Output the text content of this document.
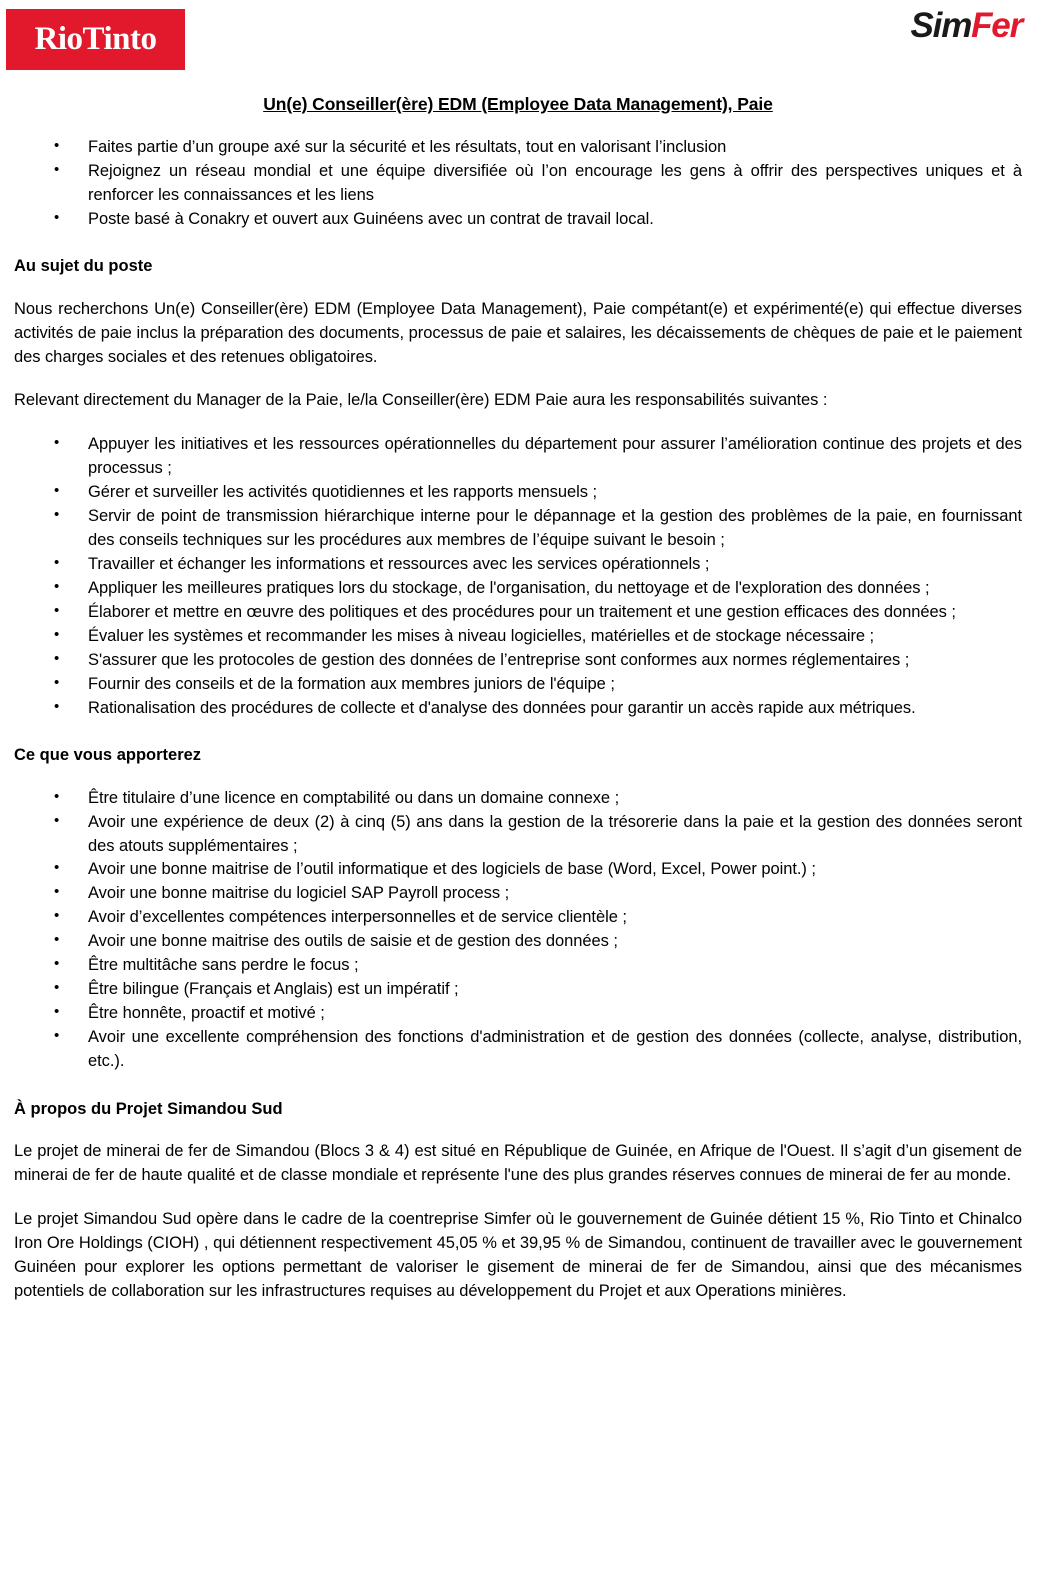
RioTinto	SimFer
Un(e) Conseiller(ère) EDM (Employee Data Management), Paie
• Faites partie d’un groupe axé sur la sécurité et les résultats, tout en valorisant l’inclusion
• Rejoignez un réseau mondial et une équipe diversifiée où l’on encourage les gens à offrir des perspectives uniques et à renforcer les connaissances et les liens
• Poste basé à Conakry et ouvert aux Guinéens avec un contrat de travail local.
Au sujet du poste

Nous recherchons Un(e) Conseiller(ère) EDM (Employee Data Management), Paie compétant(e) et expérimenté(e) qui effectue diverses activités de paie inclus la préparation des documents, processus de paie et salaires, les décaissements de chèques de paie et le paiement des charges sociales et des retenues obligatoires.

Relevant directement du Manager de la Paie, le/la Conseiller(ère) EDM Paie aura les responsabilités suivantes :

• Appuyer les initiatives et les ressources opérationnelles du département pour assurer l’amélioration continue des projets et des processus ;
• Gérer et surveiller les activités quotidiennes et les rapports mensuels ;
• Servir de point de transmission hiérarchique interne pour le dépannage et la gestion des problèmes de la paie, en fournissant des conseils techniques sur les procédures aux membres de l’équipe suivant le besoin ;
• Travailler et échanger les informations et ressources avec les services opérationnels ;
• Appliquer les meilleures pratiques lors du stockage, de l'organisation, du nettoyage et de l'exploration des données ;
• Élaborer et mettre en œuvre des politiques et des procédures pour un traitement et une gestion efficaces des données ;
• Évaluer les systèmes et recommander les mises à niveau logicielles, matérielles et de stockage nécessaire ;
• S'assurer que les protocoles de gestion des données de l’entreprise sont conformes aux normes réglementaires ;
• Fournir des conseils et de la formation aux membres juniors de l'équipe ;
• Rationalisation des procédures de collecte et d'analyse des données pour garantir un accès rapide aux métriques.
Ce que vous apporterez
• Être titulaire d’une licence en comptabilité ou dans un domaine connexe ;
• Avoir une expérience de deux (2) à cinq (5) ans dans la gestion de la trésorerie dans la paie et la gestion des données seront des atouts supplémentaires ;
• Avoir une bonne maitrise de l’outil informatique et des logiciels de base (Word, Excel, Power point.) ;
• Avoir une bonne maitrise du logiciel SAP Payroll process ;
• Avoir d’excellentes compétences interpersonnelles et de service clientèle ;
• Avoir une bonne maitrise des outils de saisie et de gestion des données ;
• Être multitâche sans perdre le focus ;
• Être bilingue (Français et Anglais) est un impératif ;
• Être honnête, proactif et motivé ;
• Avoir une excellente compréhension des fonctions d'administration et de gestion des données (collecte, analyse, distribution, etc.).
À propos du Projet Simandou Sud

Le projet de minerai de fer de Simandou (Blocs 3 & 4) est situé en République de Guinée, en Afrique de l'Ouest. Il s’agit d’un gisement de minerai de fer de haute qualité et de classe mondiale et représente l'une des plus grandes réserves connues de minerai de fer au monde.

Le projet Simandou Sud opère dans le cadre de la coentreprise Simfer où le gouvernement de Guinée détient 15 %, Rio Tinto et Chinalco Iron Ore Holdings (CIOH) , qui détiennent respectivement 45,05 % et 39,95 % de Simandou, continuent de travailler avec le gouvernement Guinéen pour explorer les options permettant de valoriser le gisement de minerai de fer de Simandou, ainsi que des mécanismes potentiels de collaboration sur les infrastructures requises au développement du Projet et aux Operations minières.
